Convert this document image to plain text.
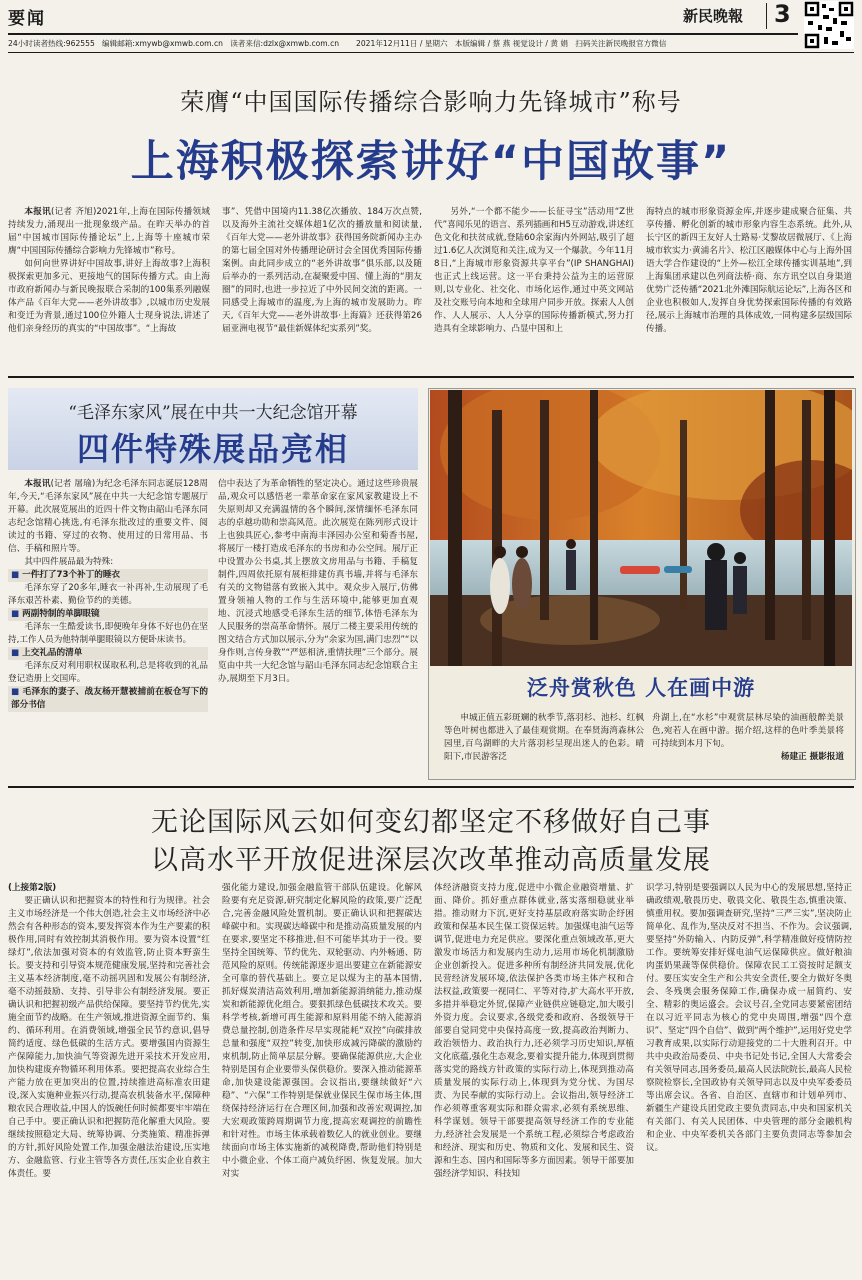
要闻	新民晚報 3
24小时读者热线:962555 编辑邮箱:xmywb@xmwb.com.cn 读者来信:dzlx@xmwb.com.cn 2021年12月11日 / 星期六 本版编辑 / 蔡 燕 视觉设计 / 黄 娟 扫码关注新民晚报官方微信
荣膺“中国国际传播综合影响力先锋城市”称号
上海积极探索讲好“中国故事”

本报讯(记者 齐旭)2021年,上海在国际传播领域持续发力,涌现出一批现象级产品。在昨天举办的首届“中国城市国际传播论坛”上,上海等十座城市荣膺“中国国际传播综合影响力先锋城市”称号。

如何向世界讲好中国故事,讲好上海故事?上海积极探索更加多元、更接地气的国际传播方式。由上海市政府新闻办与新民晚报联合采制的100集系列融媒体产品《百年大党——老外讲故事》,以城市历史发展和变迁为背景,通过100位外籍人士现身说法,讲述了他们亲身经历的真实的“中国故事”。“上海故

事”、凭借中国境内11.38亿次播放、184万次点赞,以及海外主流社交媒体超1亿次的播放量和阅读量,《百年大党——老外讲故事》获得国务院新闻办主办的第七届全国对外传播理论研讨会全国优秀国际传播案例。由此同步成立的“老外讲故事”俱乐部,以及随后举办的一系列活动,在凝聚爱中国、懂上海的“朋友圈”的同时,也进一步拉近了中外民间交流的距离。一同感受上海城市的温度,为上海的城市发展助力。昨天,《百年大党——老外讲故事·上海篇》还获得第26届亚洲电视节“最佳新媒体纪实系列”奖。

另外,“一个都不能少——长征寻宝”活动用“Z世代”喜闻乐见的语言、系列插画和H5互动游戏,讲述红色文化和扶贫成就,登陆60余家海内外网站,吸引了超过1.6亿人次浏览和关注,成为又一个爆款。今年11月8日,“上海城市形象资源共享平台”(IP SHANGHAI)也正式上线运营。这一平台秉持公益为主的运营原则,以专业化、社交化、市场化运作,通过中英文网站及社交账号向本地和全球用户同步开放。探索人人创作、人人展示、人人分享的国际传播新模式,努力打造具有全球影响力、凸显中国和上

海特点的城市形象资源金库,并逐步建成聚合征集、共享传播、孵化创新的城市形象内容生态系统。此外,从长宁区的新四王友好人士路易·艾黎故居微展厅、《上海城市软实力·黄浦名片》、松江区融媒体中心与上海外国语大学合作建设的“上外—松江全球传播实训基地”,到上海集团承建以色列商法桥·商、东方讯空以自身渠道优势广泛传播“2021北外滩国际航运论坛”,上海各区和企业也积极如人,发挥自身优势探索国际传播的有效路径,展示上海城市治理的具体成效,一同构建多层级国际传播。

“毛泽东家风”展在中共一大纪念馆开幕
四件特殊展品亮相

本报讯(记者 屠瑜)为纪念毛泽东同志诞辰128周年,今天,“毛泽东家风”展在中共一大纪念馆专题展厅开幕。此次展览展出的近四十件文物由韶山毛泽东同志纪念馆精心挑选,有毛泽东批改过的重要文件、阅读过的书籍、穿过的衣物、使用过的日常用品、书信、手稿和照片等。

其中四件展品最为特殊:

■ 一件打了73个补丁的睡衣

毛泽东穿了20多年,睡衣一补再补,生动展现了毛泽东艰苦朴素、勤俭节约的美德。

■ 两副特制的单脚眼镜

毛泽东一生酷爱读书,即便晚年身体不好也仍在坚持,工作人员为他特制单腿眼镜以方便卧床读书。

■ 上交礼品的清单

毛泽东反对利用职权谋取私利,总是将收到的礼品登记造册上交国库。

■ 毛泽东的妻子、战友杨开慧被捕前在板仓写下的部分书信

信中表达了为革命牺牲的坚定决心。通过这些珍贵展品,观众可以感悟老一辈革命家在家风家教建设上不失原则却又充满温情的各个瞬间,深情缅怀毛泽东同志的卓越功勋和崇高风范。此次展览在陈列形式设计上也独具匠心,参考中南海丰泽园办公室和菊香书屋,将展厅一楼打造成毛泽东的书房和办公空间。展厅正中设置办公书桌,其上摆放文房用品与书籍、手稿复制件,四周依托原有展柜排建仿真书墙,并将与毛泽东有关的文物错落有致嵌入其中。观众步入展厅,仿佛置身领袖人物的工作与生活环境中,能够更加直观地、沉浸式地感受毛泽东生活的细节,体悟毛泽东为人民服务的崇高革命情怀。展厅二楼主要采用传统的图文结合方式加以展示,分为“余家为国,满门忠烈”“以身作则,言传身教”“严惩相济,重情扶理”三个部分。展览由中共一大纪念馆与韶山毛泽东同志纪念馆联合主办,展期至下月3日。	泛舟赏秋色 人在画中游

申城正值五彩斑斓的秋季节,落羽杉、池杉、红枫等色叶树也都进入了最佳观赏期。在奉贤海湾森林公园里,百鸟湖畔的大片落羽杉呈现出迷人的色彩。晴阳下,市民游客泛

舟湖上,在“水杉”中观赏层林尽染的油画般醉美景色,宛若人在画中游。据介绍,这样的色叶季美景将可持续到本月下旬。

杨建正 摄影报道

无论国际风云如何变幻都坚定不移做好自己事
以高水平开放促进深层次改革推动高质量发展

(上接第2版)

要正确认识和把握资本的特性和行为规律。社会主义市场经济是一个伟大创造,社会主义市场经济中必然会有各种形态的资本,要发挥资本作为生产要素的积极作用,同时有效控制其消极作用。要为资本设置“红绿灯”,依法加强对资本的有效监管,防止资本野蛮生长。要支持和引导资本规范健康发展,坚持和完善社会主义基本经济制度,毫不动摇巩固和发展公有制经济,毫不动摇鼓励、支持、引导非公有制经济发展。要正确认识和把握初级产品供给保障。要坚持节约优先,实施全面节约战略。在生产领域,推进资源全面节约、集约、循环利用。在消费领域,增强全民节约意识,倡导简约适度、绿色低碳的生活方式。要增强国内资源生产保障能力,加快油气等资源先进开采技术开发应用,加快构建废弃物循环利用体系。要把提高农业综合生产能力放在更加突出的位置,持续推进高标准农田建设,深入实施种业振兴行动,提高农机装备水平,保障种粮农民合理收益,中国人的饭碗任何时候都要牢牢端在自己手中。要正确认识和把握防范化解重大风险。要继续按照稳定大局、统筹协调、分类施策、精准拆弹的方针,抓好风险处置工作,加强金融法治建设,压实地方、金融监管、行业主管等各方责任,压实企业自救主体责任。要

强化能力建设,加强金融监管干部队伍建设。化解风险要有充足资源,研究制定化解风险的政策,要广泛配合,完善金融风险处置机制。要正确认识和把握碳达峰碳中和。实现碳达峰碳中和是推动高质量发展的内在要求,要坚定不移推进,但不可能毕其功于一役。要坚持全国统筹、节约优先、双轮驱动、内外畅通、防范风险的原则。传统能源逐步退出要建立在新能源安全可靠的替代基础上。要立足以煤为主的基本国情,抓好煤炭清洁高效利用,增加新能源消纳能力,推动煤炭和新能源优化组合。要狠抓绿色低碳技术攻关。要科学考核,新增可再生能源和原料用能不纳入能源消费总量控制,创造条件尽早实现能耗“双控”向碳排放总量和强度“双控”转变,加快形成减污降碳的激励约束机制,防止简单层层分解。要确保能源供应,大企业特别是国有企业要带头保供稳价。要深入推动能源革命,加快建设能源强国。会议指出,要继续做好“六稳”、“六保”工作特别是保就业保民生保市场主体,围绕保持经济运行在合理区间,加强和改善宏观调控,加大宏观政策跨周期调节力度,提高宏观调控的前瞻性和针对性。市场主体承载着数亿人的就业创业。要继续面向市场主体实施新的减税降费,帮助他们特别是中小微企业、个体工商户减负纾困、恢复发展。加大对实

体经济融资支持力度,促进中小微企业融资增量、扩面、降价。抓好重点群体就业,落实落细稳就业举措。推动财力下沉,更好支持基层政府落实助企纾困政策和保基本民生保工资保运转。加强煤电油气运等调节,促进电力充足供应。要深化重点领域改革,更大激发市场活力和发展内生动力,运用市场化机制激励企业创新投入。促进多种所有制经济共同发展,优化民营经济发展环境,依法保护各类市场主体产权和合法权益,政策要一视同仁、平等对待,扩大高水平开放,多措并举稳定外贸,保障产业链供应链稳定,加大吸引外资力度。会议要求,各级党委和政府、各级领导干部要自觉同党中央保持高度一致,提高政治判断力、政治领悟力、政治执行力,还必须学习历史知识,厚植文化底蕴,强化生态观念,要着实提升能力,体现到贯彻落实党的路线方针政策的实际行动上,体现到推动高质量发展的实际行动上,体现到为党分忧、为国尽责、为民奉献的实际行动上。会议指出,领导经济工作必须尊重客观实际和群众需求,必须有系统思维、科学谋划。领导干部要提高领导经济工作的专业能力,经济社会发展是一个系统工程,必须综合考虑政治和经济、现实和历史、物质和文化、发展和民生、资源和生态、国内和国际等多方面因素。领导干部要加强经济学知识、科技知

识学习,特别是要强调以人民为中心的发展思想,坚持正确政绩观,敬畏历史、敬畏文化、敬畏生态,慎重决策、慎重用权。要加强调查研究,坚持“三严三实”,坚决防止简单化、乱作为,坚决反对不担当、不作为。会议强调,要坚持“外防输入、内防反弹”,科学精准做好疫情防控工作。要统筹安排好煤电油气运保障供应。做好粮油肉蛋奶果蔬等保供稳价。保障农民工工资按时足额支付。要压实安全生产和公共安全责任,要全力做好冬奥会、冬残奥会服务保障工作,确保办成一届简约、安全、精彩的奥运盛会。会议号召,全党同志要紧密团结在以习近平同志为核心的党中央周围,增强“四个意识”、坚定“四个自信”、做到“两个维护”,运用好党史学习教育成果,以实际行动迎接党的二十大胜利召开。中共中央政治局委员、中央书记处书记,全国人大常委会有关领导同志,国务委员,最高人民法院院长,最高人民检察院检察长,全国政协有关领导同志以及中央军委委员等出席会议。各省、自治区、直辖市和计划单列市、新疆生产建设兵团党政主要负责同志,中央和国家机关有关部门、有关人民团体、中央管理的部分金融机构和企业、中央军委机关各部门主要负责同志等参加会议。
